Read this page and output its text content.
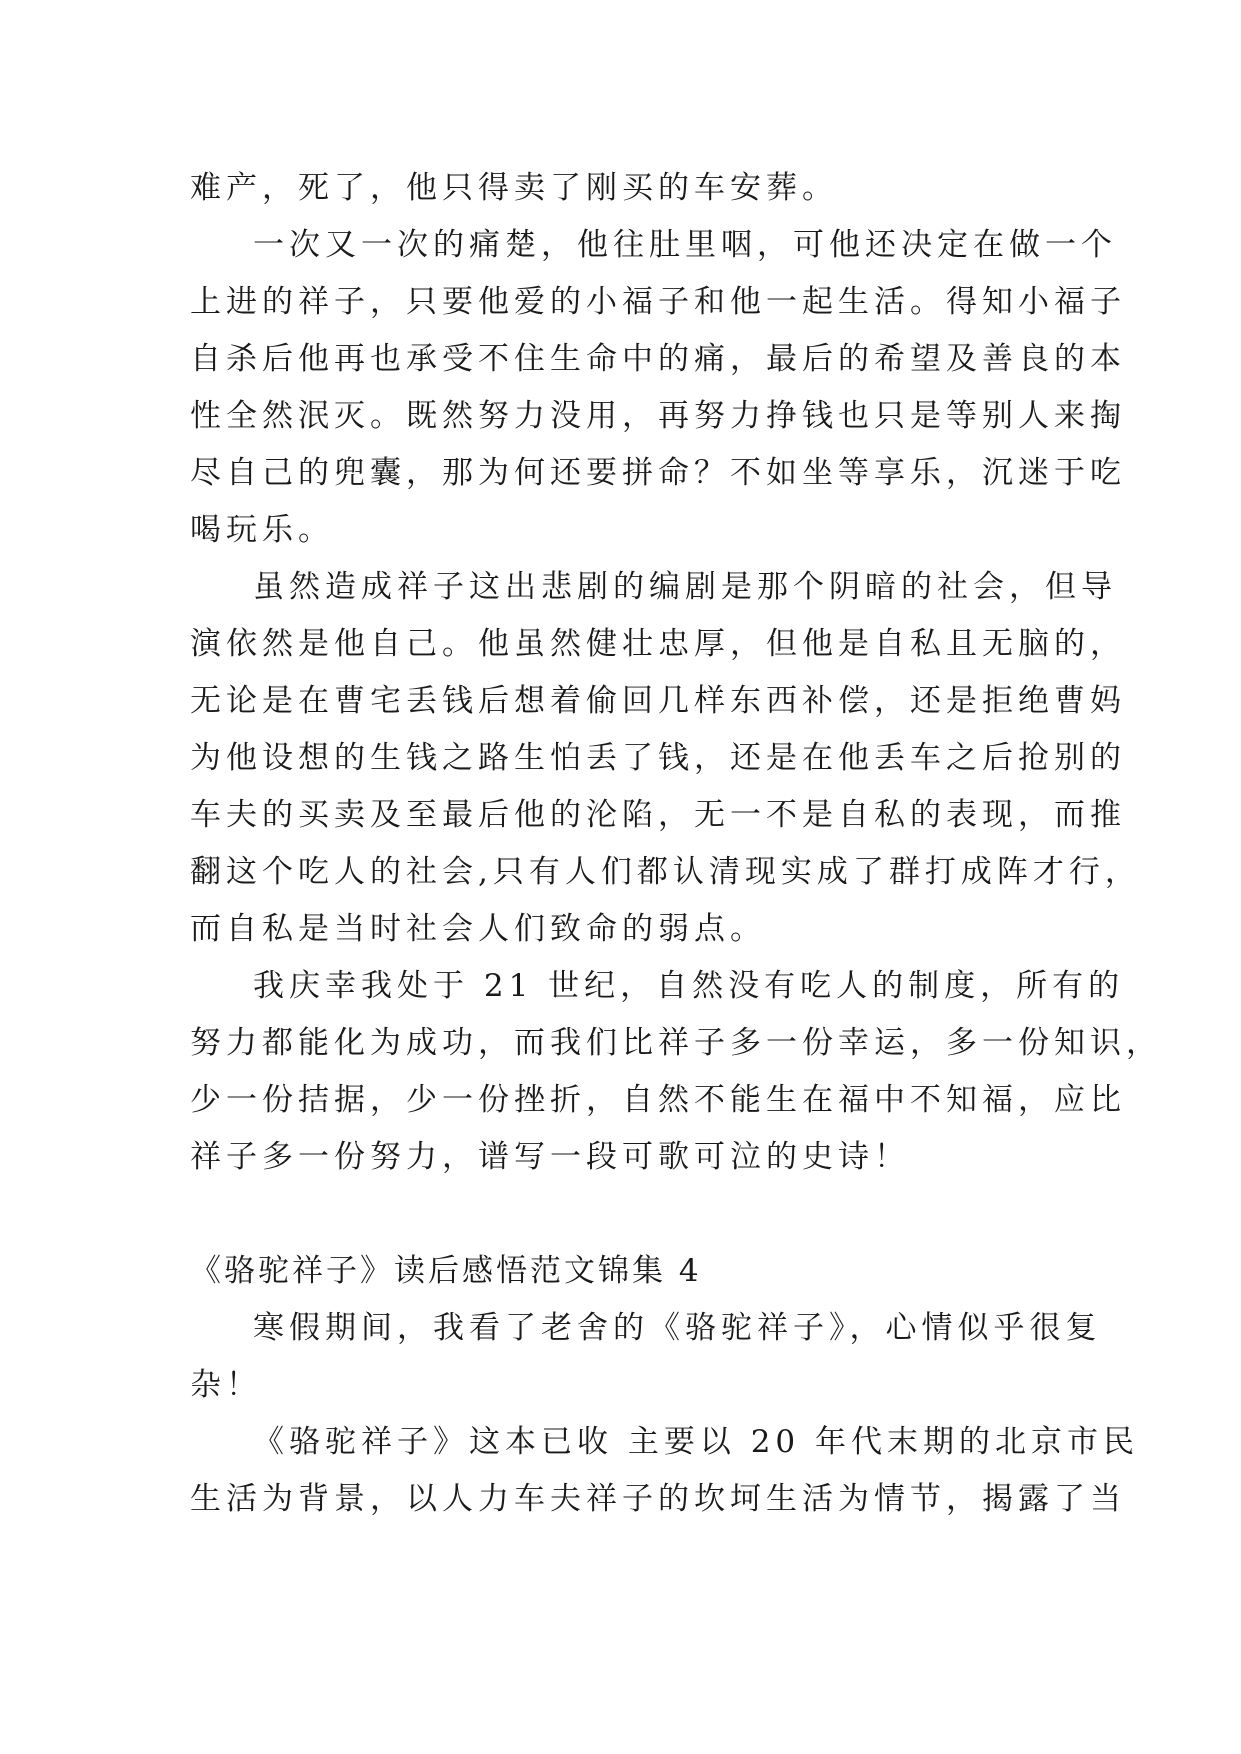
难产，死了，他只得卖了刚买的车安葬。
一次又一次的痛楚，他往肚里咽，可他还决定在做一个
上进的祥子，只要他爱的小福子和他一起生活。得知小福子
自杀后他再也承受不住生命中的痛，最后的希望及善良的本
性全然泯灭。既然努力没用，再努力挣钱也只是等别人来掏
尽自己的兜囊，那为何还要拼命？不如坐等享乐，沉迷于吃
喝玩乐。
虽然造成祥子这出悲剧的编剧是那个阴暗的社会，但导
演依然是他自己。他虽然健壮忠厚，但他是自私且无脑的，
无论是在曹宅丢钱后想着偷回几样东西补偿，还是拒绝曹妈
为他设想的生钱之路生怕丢了钱，还是在他丢车之后抢别的
车夫的买卖及至最后他的沦陷，无一不是自私的表现，而推
翻这个吃人的社会,只有人们都认清现实成了群打成阵才行，
而自私是当时社会人们致命的弱点。
我庆幸我处于 21 世纪，自然没有吃人的制度，所有的
努力都能化为成功，而我们比祥子多一份幸运，多一份知识，
少一份拮据，少一份挫折，自然不能生在福中不知福，应比
祥子多一份努力，谱写一段可歌可泣的史诗！
《骆驼祥子》读后感悟范文锦集 4
寒假期间，我看了老舍的《骆驼祥子》，心情似乎很复
杂！
《骆驼祥子》这本已收 主要以 20 年代末期的北京市民
生活为背景，以人力车夫祥子的坎坷生活为情节，揭露了当
